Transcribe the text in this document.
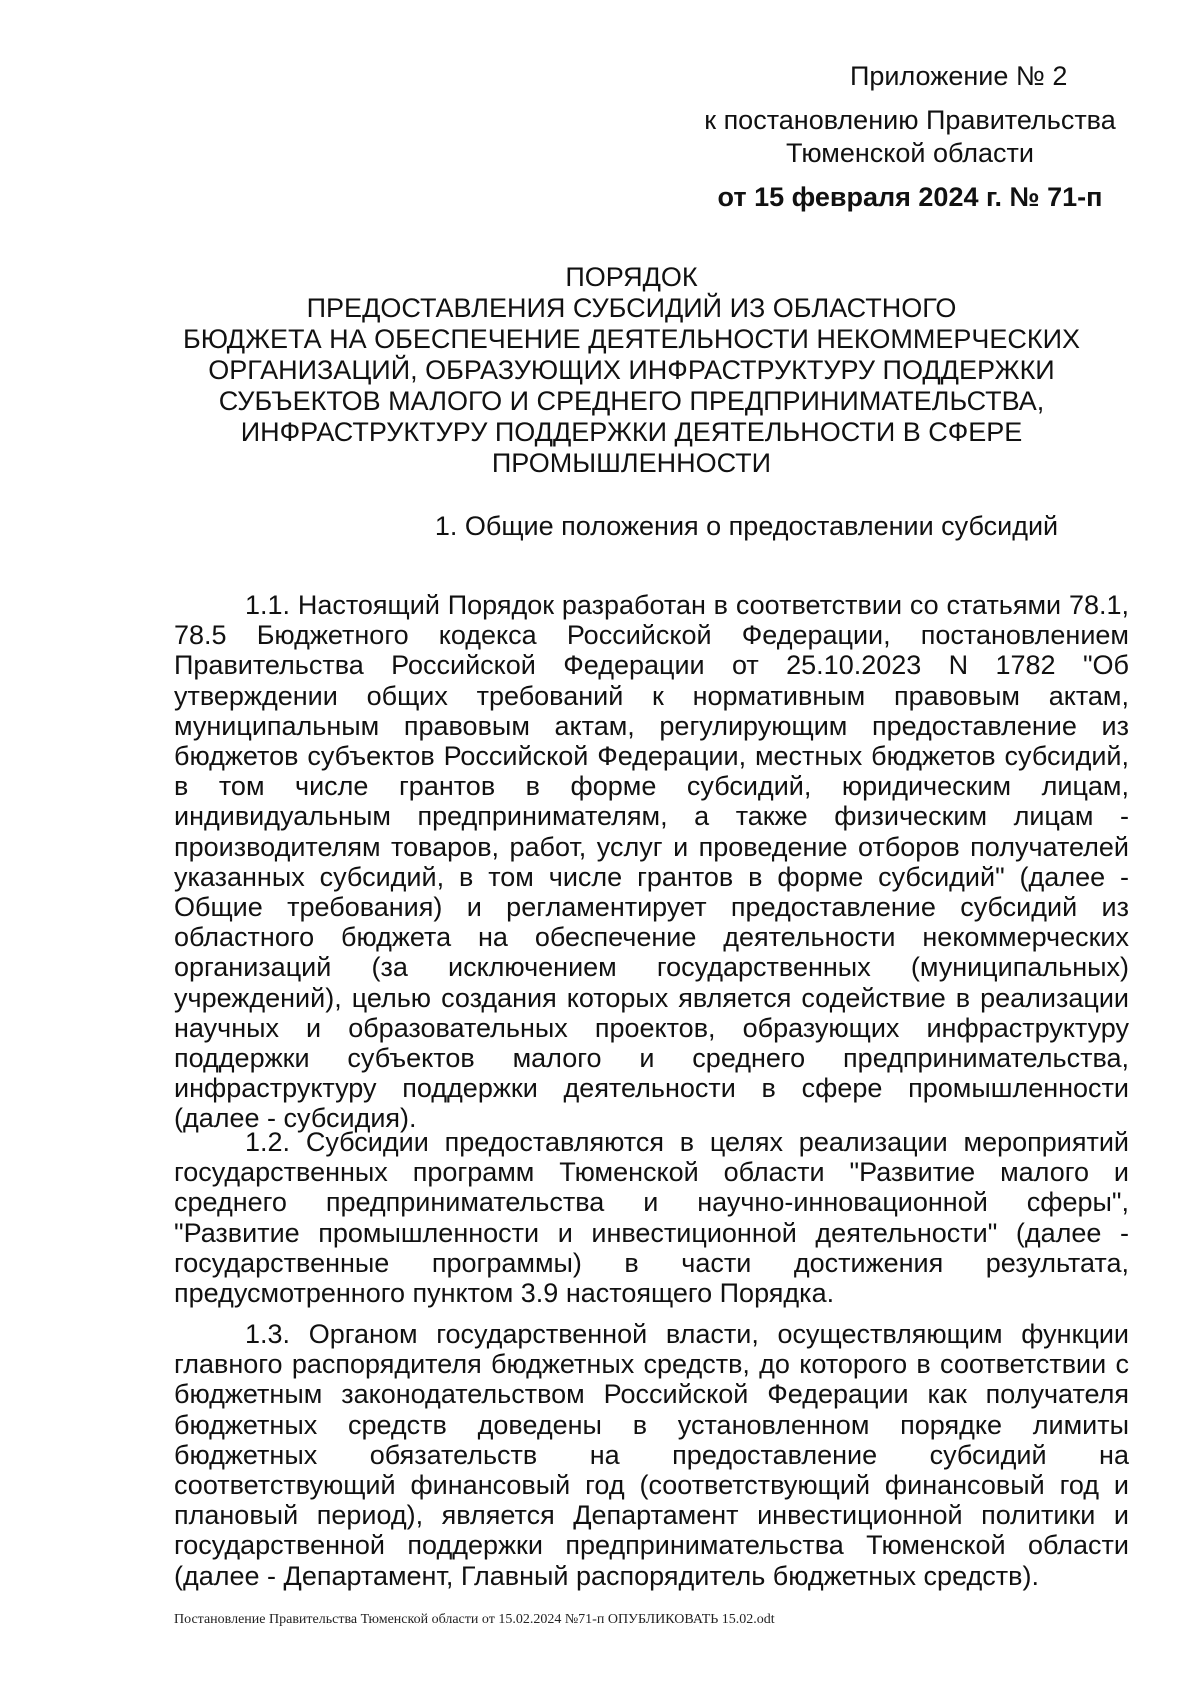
Приложение № 2
к постановлению Правительства
Тюменской области
от 15 февраля 2024 г. № 71-п
ПОРЯДОК
ПРЕДОСТАВЛЕНИЯ СУБСИДИЙ ИЗ ОБЛАСТНОГО
БЮДЖЕТА НА ОБЕСПЕЧЕНИЕ ДЕЯТЕЛЬНОСТИ НЕКОММЕРЧЕСКИХ
ОРГАНИЗАЦИЙ, ОБРАЗУЮЩИХ ИНФРАСТРУКТУРУ ПОДДЕРЖКИ
СУБЪЕКТОВ МАЛОГО И СРЕДНЕГО ПРЕДПРИНИМАТЕЛЬСТВА,
ИНФРАСТРУКТУРУ ПОДДЕРЖКИ ДЕЯТЕЛЬНОСТИ В СФЕРЕ
ПРОМЫШЛЕННОСТИ
1. Общие положения о предоставлении субсидий

1.1. Настоящий Порядок разработан в соответствии со статьями 78.1, 78.5 Бюджетного кодекса Российской Федерации, постановлением Правительства Российской Федерации от 25.10.2023 N 1782 "Об утверждении общих требований к нормативным правовым актам, муниципальным правовым актам, регулирующим предоставление из бюджетов субъектов Российской Федерации, местных бюджетов субсидий, в том числе грантов в форме субсидий, юридическим лицам, индивидуальным предпринимателям, а также физическим лицам - производителям товаров, работ, услуг и проведение отборов получателей указанных субсидий, в том числе грантов в форме субсидий" (далее - Общие требования) и регламентирует предоставление субсидий из областного бюджета на обеспечение деятельности некоммерческих организаций (за исключением государственных (муниципальных) учреждений), целью создания которых является содействие в реализации научных и образовательных проектов, образующих инфраструктуру поддержки субъектов малого и среднего предпринимательства, инфраструктуру поддержки деятельности в сфере промышленности (далее - субсидия).

1.2. Субсидии предоставляются в целях реализации мероприятий государственных программ Тюменской области "Развитие малого и среднего предпринимательства и научно-инновационной сферы", "Развитие промышленности и инвестиционной деятельности" (далее - государственные программы) в части достижения результата, предусмотренного пунктом 3.9 настоящего Порядка.

1.3. Органом государственной власти, осуществляющим функции главного распорядителя бюджетных средств, до которого в соответствии с бюджетным законодательством Российской Федерации как получателя бюджетных средств доведены в установленном порядке лимиты бюджетных обязательств на предоставление субсидий на соответствующий финансовый год (соответствующий финансовый год и плановый период), является Департамент инвестиционной политики и государственной поддержки предпринимательства Тюменской области (далее - Департамент, Главный распорядитель бюджетных средств).

Постановление Правительства Тюменской области от 15.02.2024 №71-п ОПУБЛИКОВАТЬ 15.02.odt
